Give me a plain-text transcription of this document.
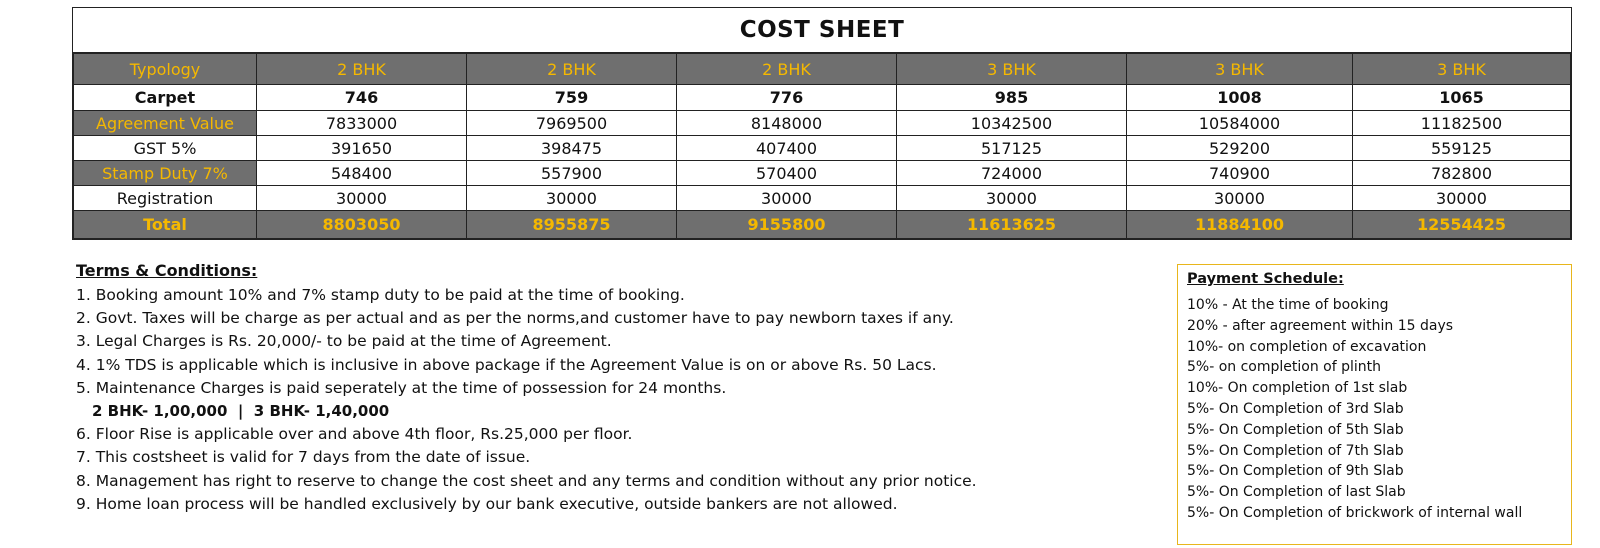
COST SHEET
Typology	2 BHK	2 BHK	2 BHK	3 BHK	3 BHK	3 BHK
Carpet	746	759	776	985	1008	1065
Agreement Value	7833000	7969500	8148000	10342500	10584000	11182500
GST 5%	391650	398475	407400	517125	529200	559125
Stamp Duty 7%	548400	557900	570400	724000	740900	782800
Registration	30000	30000	30000	30000	30000	30000
Total	8803050	8955875	9155800	11613625	11884100	12554425
Terms & Conditions:
1. Booking amount 10% and 7% stamp duty to be paid at the time of booking.
2. Govt. Taxes will be charge as per actual and as per the norms,and customer have to pay newborn taxes if any.
3. Legal Charges is Rs. 20,000/- to be paid at the time of Agreement.
4. 1% TDS is applicable which is inclusive in above package if the Agreement Value is on or above Rs. 50 Lacs.
5. Maintenance Charges is paid seperately at the time of possession for 24 months.
2 BHK- 1,00,000  |  3 BHK- 1,40,000
6. Floor Rise is applicable over and above 4th floor, Rs.25,000 per floor.
7. This costsheet is valid for 7 days from the date of issue.
8. Management has right to reserve to change the cost sheet and any terms and condition without any prior notice.
9. Home loan process will be handled exclusively by our bank executive, outside bankers are not allowed.
Payment Schedule:
10% - At the time of booking
20% - after agreement within 15 days
10%- on completion of excavation
5%- on completion of plinth
10%- On completion of 1st slab
5%- On Completion of 3rd Slab
5%- On Completion of 5th Slab
5%- On Completion of 7th Slab
5%- On Completion of 9th Slab
5%- On Completion of last Slab
5%- On Completion of brickwork of internal wall
